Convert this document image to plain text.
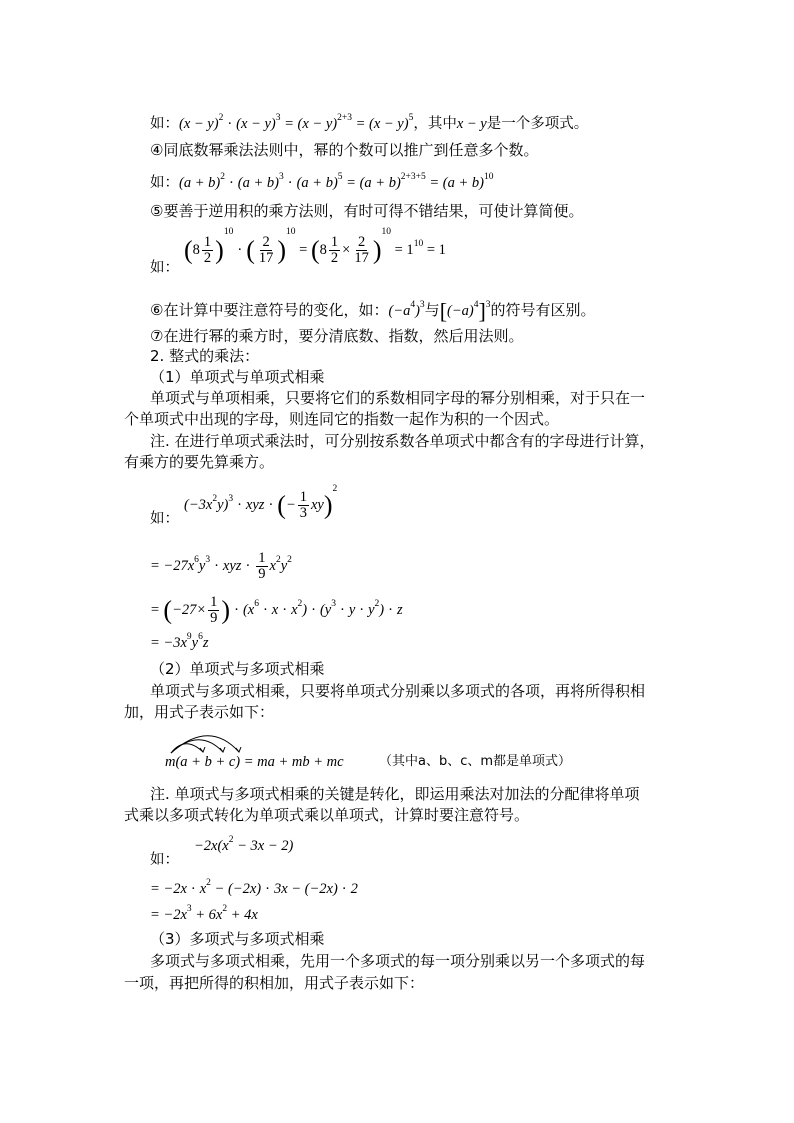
如：$(x - y)^2 \cdot (x - y)^3 = (x - y)^{2+3} = (x - y)^5$，其中x − y是一个多项式。
④同底数幂乘法法则中，幂的个数可以推广到任意多个数。
如：$(a + b)^2 \cdot (a + b)^3 \cdot (a + b)^5 = (a + b)^{2+3+5} = (a + b)^{10}$
⑤要善于逆用积的乘方法则，有时可得不错结果，可使计算简便。
如：
$(8 \frac{1}{2} )^{10}\cdot$ ( $\frac{2}{17} )^{10} = (8 \frac{1}{2} \times \frac{2}{17} )^{10} = 1^{10} = 1$
⑥在计算中要注意符号的变化，如：$(-a^4)^3$与$[(-a)^4]^3$的符号有区别。
⑦在进行幂的乘方时，要分清底数、指数，然后用法则。
2. 整式的乘法：
（1）单项式与单项式相乘
单项式与单项相乘，只要将它们的系数相同字母的幂分别相乘，对于只在一
个单项式中出现的字母，则连同它的指数一起作为积的一个因式。
注. 在进行单项式乘法时，可分别按系数各单项式中都含有的字母进行计算，
有乘方的要先算乘方。
如：
$(-3x^2y)^3$ · xyz · (− $\frac{1}{3} xy)^2$
= $-27x^6y^3$ · xyz · $\frac{1}{9} x^2y^2$
= ($-27\times \frac{1}{9}$ ) · $(x^6 \cdot x \cdot x^2) \cdot (y^3 \cdot y \cdot y^2) \cdot z$
= $-3x^9y^6z$
（2）单项式与多项式相乘
单项式与多项式相乘，只要将单项式分别乘以多项式的各项，再将所得积相
加，用式子表示如下：
m(a + b + c) = ma + mb + mc	（其中a、b、c、m都是单项式）
注. 单项式与多项式相乘的关键是转化，即运用乘法对加法的分配律将单项
式乘以多项式转化为单项式乘以单项式，计算时要注意符号。
如：
$-2x(x^2 - 3x - 2)$
= $-2x \cdot x^2 - (-2x) \cdot 3x - (-2x) \cdot 2$
= $-2x^3 + 6x^2 + 4x$
（3）多项式与多项式相乘
多项式与多项式相乘，先用一个多项式的每一项分别乘以另一个多项式的每
一项，再把所得的积相加，用式子表示如下：
